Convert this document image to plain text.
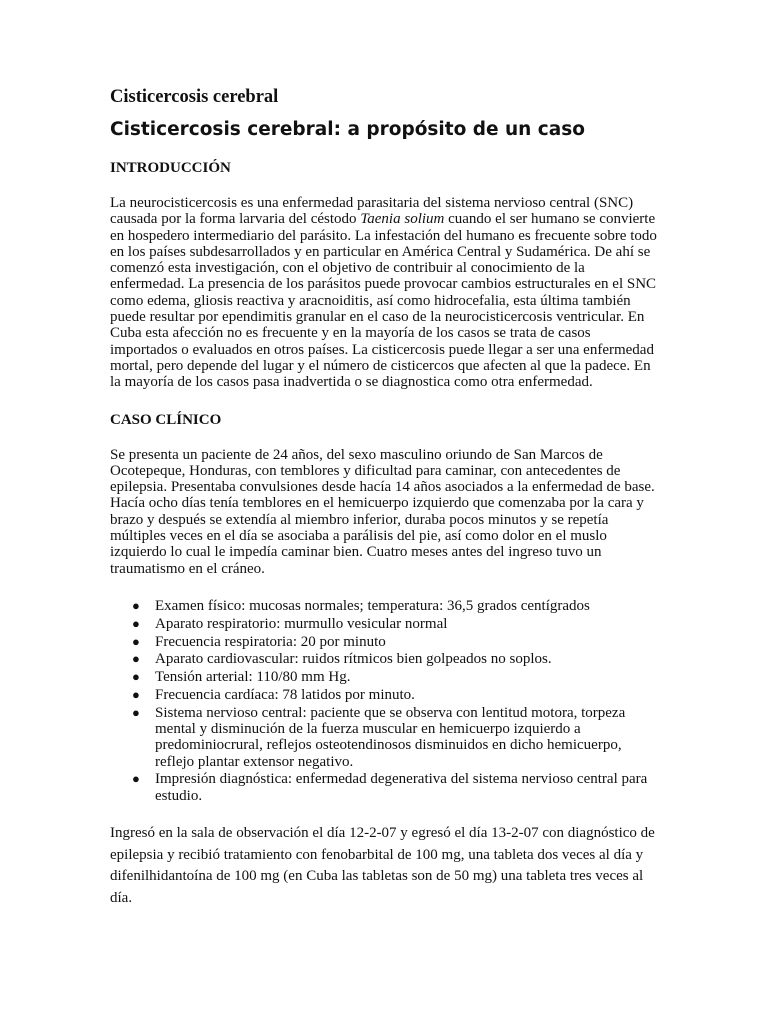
Cisticercosis cerebral
Cisticercosis cerebral: a propósito de un caso
INTRODUCCIÓN

La neurocisticercosis es una enfermedad parasitaria del sistema nervioso central (SNC) causada por la forma larvaria del céstodo Taenia solium cuando el ser humano se convierte en hospedero intermediario del parásito. La infestación del humano es frecuente sobre todo en los países subdesarrollados y en particular en América Central y Sudamérica. De ahí se comenzó esta investigación, con el objetivo de contribuir al conocimiento de la enfermedad. La presencia de los parásitos puede provocar cambios estructurales en el SNC como edema, gliosis reactiva y aracnoiditis, así como hidrocefalia, esta última también puede resultar por ependimitis granular en el caso de la neurocisticercosis ventricular. En Cuba esta afección no es frecuente y en la mayoría de los casos se trata de casos importados o evaluados en otros países. La cisticercosis puede llegar a ser una enfermedad mortal, pero depende del lugar y el número de cisticercos que afecten al que la padece. En la mayoría de los casos pasa inadvertida o se diagnostica como otra enfermedad.

CASO CLÍNICO

Se presenta un paciente de 24 años, del sexo masculino oriundo de San Marcos de Ocotepeque, Honduras, con temblores y dificultad para caminar, con antecedentes de epilepsia. Presentaba convulsiones desde hacía 14 años asociados a la enfermedad de base. Hacía ocho días tenía temblores en el hemicuerpo izquierdo que comenzaba por la cara y brazo y después se extendía al miembro inferior, duraba pocos minutos y se repetía múltiples veces en el día se asociaba a parálisis del pie, así como dolor en el muslo izquierdo lo cual le impedía caminar bien. Cuatro meses antes del ingreso tuvo un traumatismo en el cráneo.

● Examen físico: mucosas normales; temperatura: 36,5 grados centígrados
● Aparato respiratorio: murmullo vesicular normal
● Frecuencia respiratoria: 20 por minuto
● Aparato cardiovascular: ruidos rítmicos bien golpeados no soplos.
● Tensión arterial: 110/80 mm Hg.
● Frecuencia cardíaca: 78 latidos por minuto.
● Sistema nervioso central: paciente que se observa con lentitud motora, torpeza mental y disminución de la fuerza muscular en hemicuerpo izquierdo a predominiocrural, reflejos osteotendinosos disminuidos en dicho hemicuerpo, reflejo plantar extensor negativo.
● Impresión diagnóstica: enfermedad degenerativa del sistema nervioso central para estudio.

Ingresó en la sala de observación el día 12-2-07 y egresó el día 13-2-07 con diagnóstico de epilepsia y recibió tratamiento con fenobarbital de 100 mg, una tableta dos veces al día y difenilhidantoína de 100 mg (en Cuba las tabletas son de 50 mg) una tableta tres veces al día.
